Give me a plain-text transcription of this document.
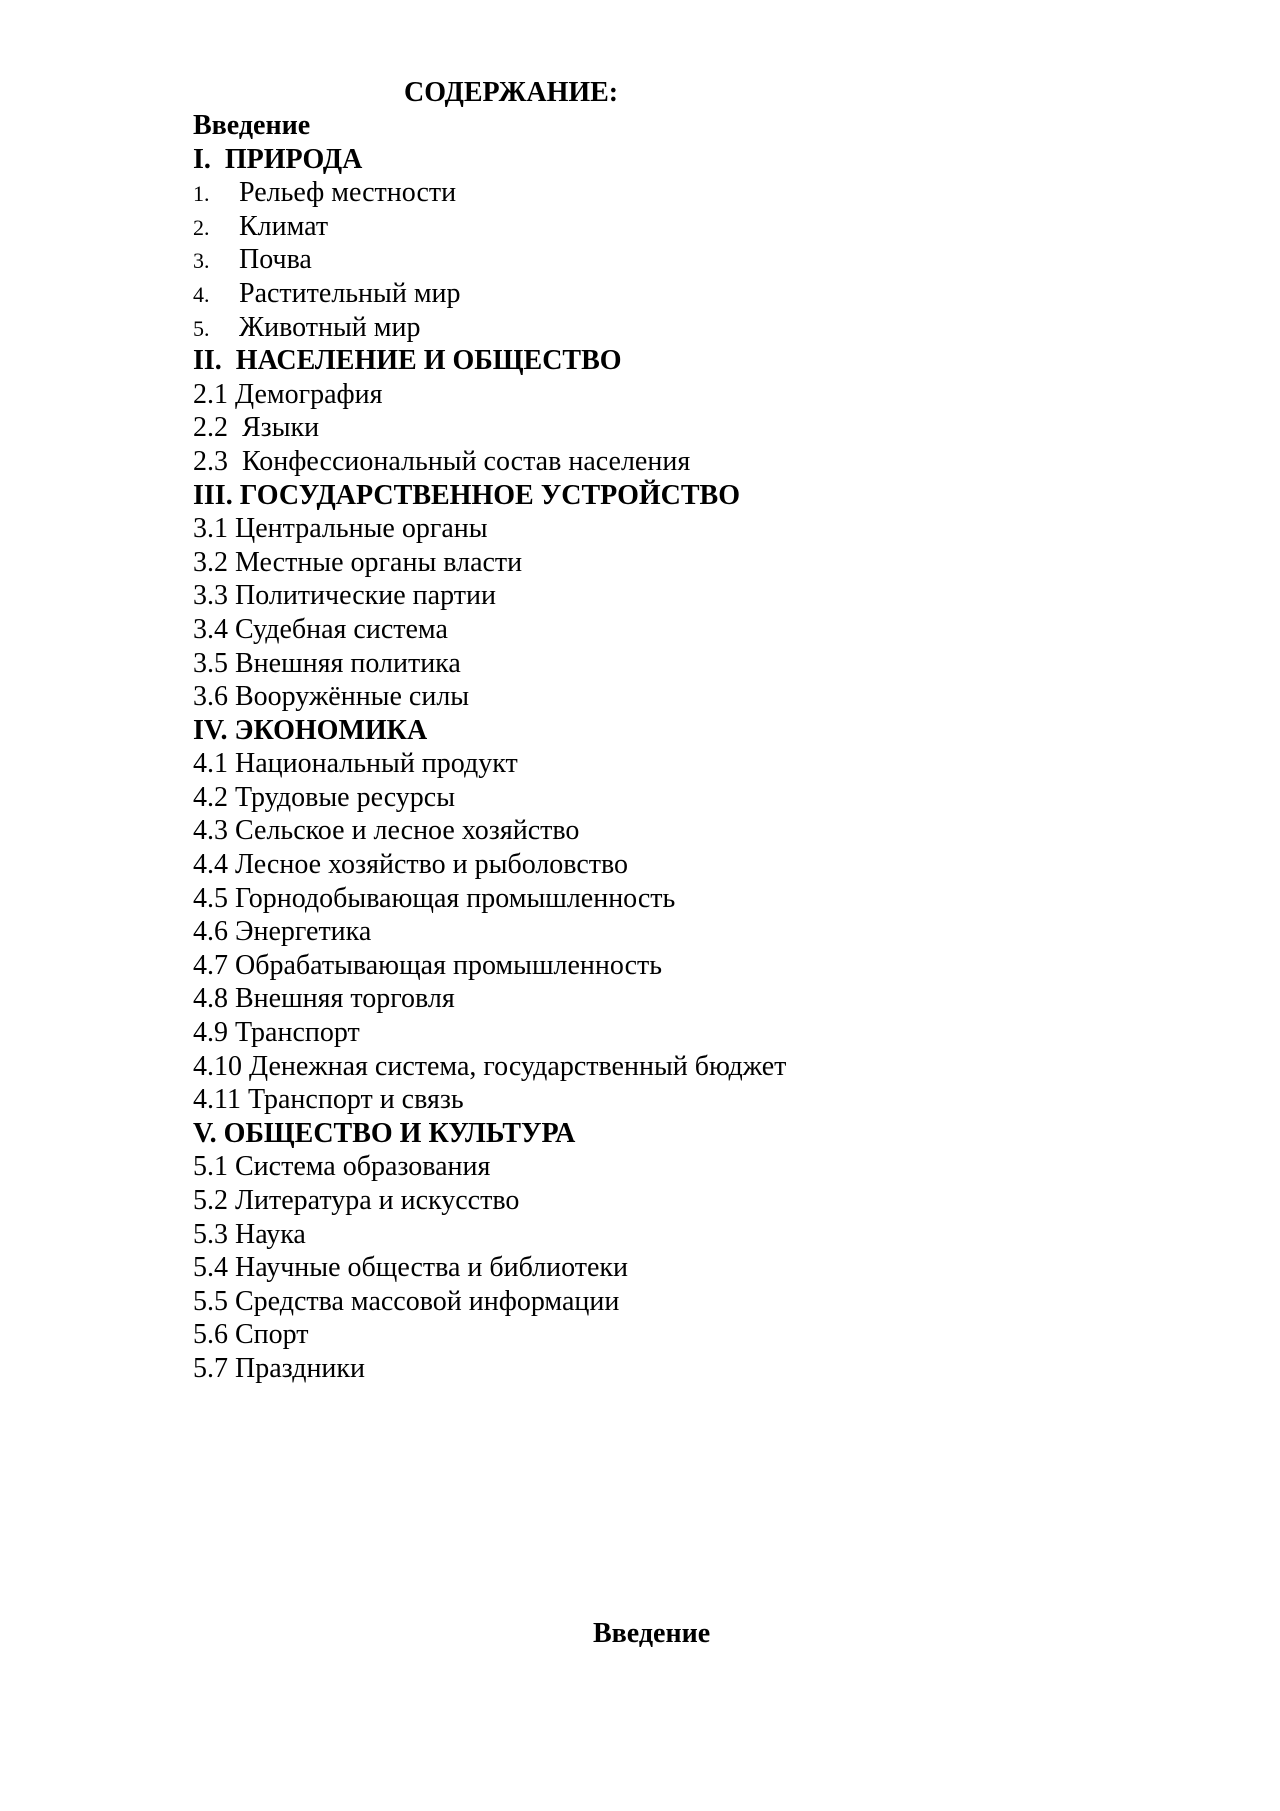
СОДЕРЖАНИЕ:
Введение
I.  ПРИРОДА
1. Рельеф местности
2. Климат
3. Почва
4. Растительный мир
5. Животный мир
II.  НАСЕЛЕНИЕ И ОБЩЕСТВО
2.1 Демография
2.2  Языки
2.3  Конфессиональный состав населения
III. ГОСУДАРСТВЕННОЕ УСТРОЙСТВО
3.1 Центральные органы
3.2 Местные органы власти
3.3 Политические партии
3.4 Судебная система
3.5 Внешняя политика
3.6 Вооружённые силы
IV. ЭКОНОМИКА
4.1 Национальный продукт
4.2 Трудовые ресурсы
4.3 Сельское и лесное хозяйство
4.4 Лесное хозяйство и рыболовство
4.5 Горнодобывающая промышленность
4.6 Энергетика
4.7 Обрабатывающая промышленность
4.8 Внешняя торговля
4.9 Транспорт
4.10 Денежная система, государственный бюджет
4.11 Транспорт и связь
V. ОБЩЕСТВО И КУЛЬТУРА
5.1 Система образования
5.2 Литература и искусство
5.3 Наука
5.4 Научные общества и библиотеки
5.5 Средства массовой информации
5.6 Спорт
5.7 Праздники
Введение
